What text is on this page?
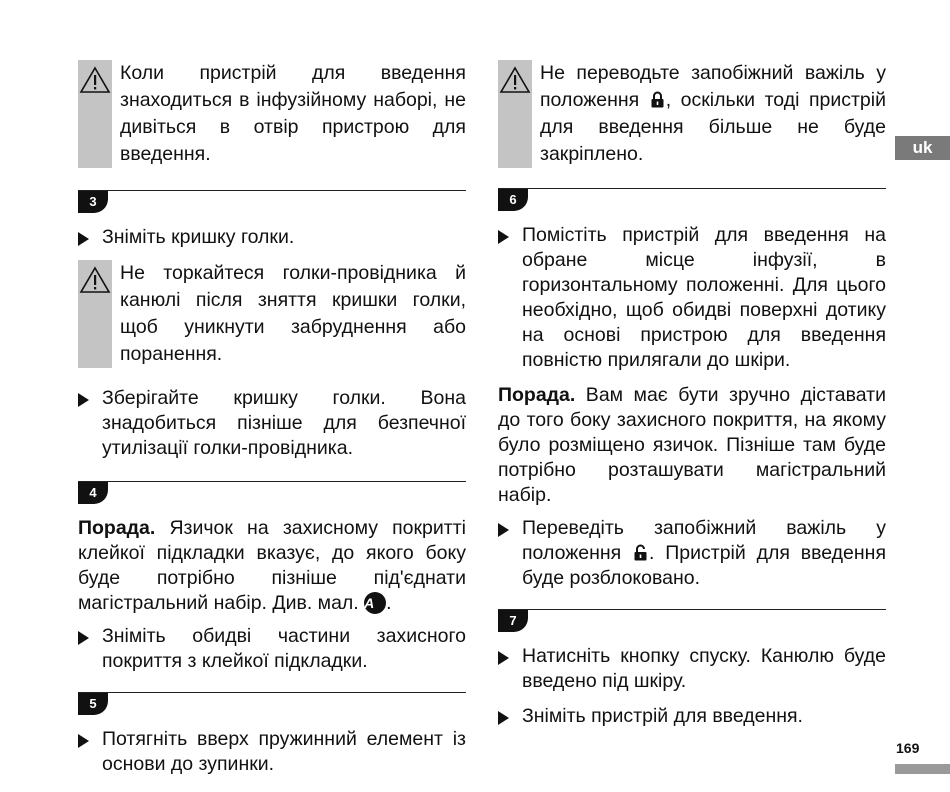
Коли пристрій для введення знаходиться в інфузійному наборі, не дивіться в отвір пристрою для введення.

3
Зніміть кришку голки.

Не торкайтеся голки-провідника й канюлі після зняття кришки голки, щоб уникнути забруднення або поранення.

Зберігайте кришку голки. Вона знадобиться пізніше для безпечної утилізації голки-провідника.
4

Порада. Язичок на захисному покритті клейкої підкладки вказує, до якого боку буде потрібно пізніше під'єднати магістральний набір. Див. мал. A .

Зніміть обидві частини захисного покриття з клейкої підкладки.
5
Потягніть вверх пружинний елемент із основи до зупинки.

Не переводьте запобіжний важіль у положення , оскільки тоді пристрій для введення більше не буде закріплено.

6
Помістіть пристрій для введення на обране місце інфузії, в горизонтальному положенні. Для цього необхідно, щоб обидві поверхні дотику на основі пристрою для введення повністю прилягали до шкіри.

Порада. Вам має бути зручно діставати до того боку захисного покриття, на якому було розміщено язичок. Пізніше там буде потрібно розташувати магістральний набір.

Переведіть запобіжний важіль у положення . Пристрій для введення буде розблоковано.
7
Натисніть кнопку спуску. Канюлю буде введено під шкіру.
Зніміть пристрій для введення.
uk
169
